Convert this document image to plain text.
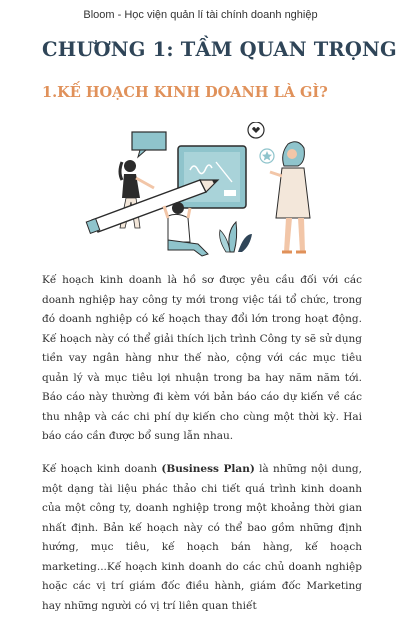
Bloom - Học viện quản lí tài chính doanh nghiệp
CHƯƠNG 1: TẦM QUAN TRỌNG
1.KẾ HOẠCH KINH DOANH LÀ GÌ?
Kế hoạch kinh doanh là hồ sơ được yêu cầu đối với các doanh nghiệp hay công ty mới trong việc tái tổ chức, trong đó doanh nghiệp có kế hoạch thay đổi lớn trong hoạt động. Kế hoạch này có thể giải thích lịch trình Công ty sẽ sử dụng tiền vay ngân hàng như thế nào, cộng với các mục tiêu quản lý và mục tiêu lợi nhuận trong ba hay năm năm tới. Báo cáo này thường đi kèm với bản báo cáo dự kiến về các thu nhập và các chi phí dự kiến cho cùng một thời kỳ. Hai báo cáo cần được bổ sung lẫn nhau.
Kế hoạch kinh doanh (Business Plan) là những nội dung, một dạng tài liệu phác thảo chi tiết quá trình kinh doanh của một công ty, doanh nghiệp trong một khoảng thời gian nhất định. Bản kế hoạch này có thể bao gồm những định hướng, mục tiêu, kế hoạch bán hàng, kế hoạch marketing...Kế hoạch kinh doanh do các chủ doanh nghiệp hoặc các vị trí giám đốc điều hành, giám đốc Marketing hay những người có vị trí liên quan thiết
